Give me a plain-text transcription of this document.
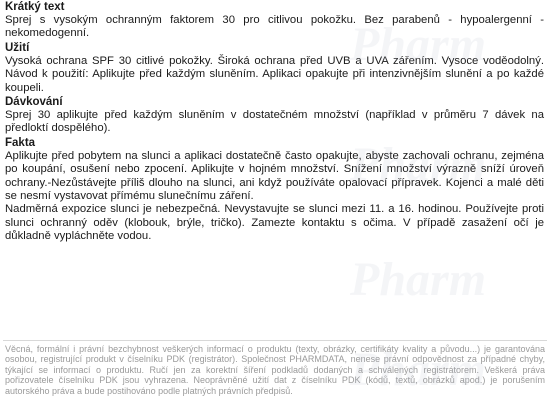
Krátký text
Sprej s vysokým ochranným faktorem 30 pro citlivou pokožku. Bez parabenů - hypoalergenní - nekomedogenní.
Užití
Vysoká ochrana SPF 30 citlivé pokožky. Široká ochrana před UVB a UVA zářením. Vysoce voděodolný. Návod k použití: Aplikujte před každým sluněním. Aplikaci opakujte při intenzivnějším slunění a po každé koupeli.
Dávkování
Sprej 30 aplikujte před každým sluněním v dostatečném množství (například v průměru 7 dávek na předloktí dospělého).
Fakta
Aplikujte před pobytem na slunci a aplikaci dostatečně často opakujte, abyste zachovali ochranu, zejména po koupání, osušení nebo zpocení. Aplikujte v hojném množství. Snížení množství výrazně sníží úroveň ochrany.-Nezůstávejte příliš dlouho na slunci, ani když používáte opalovací přípravek. Kojenci a malé děti se nesmí vystavovat přímému slunečnímu záření.
Nadměrná expozice slunci je nebezpečná. Nevystavujte se slunci mezi 11. a 16. hodinou. Používejte proti slunci ochranný oděv (klobouk, brýle, tričko). Zamezte kontaktu s očima. V případě zasažení očí je důkladně vypláchněte vodou.
Věcná, formální i právní bezchybnost veškerých informací o produktu (texty, obrázky, certifikáty kvality a původu...) je garantována osobou, registrující produkt v číselníku PDK (registrátor). Společnost PHARMDATA, nenese právní odpovědnost za případné chyby, týkající se informací o produktu. Ručí jen za korektní šíření podkladů dodaných a schválených registrátorem. Veškerá práva pořizovatele číselníku PDK jsou vyhrazena. Neoprávněné užití dat z číselníku PDK (kódů, textů, obrázků apod.) je porušením autorského práva a bude postihováno podle platných právních předpisů.
Pharm
Pharm
Pharm
Pharm
